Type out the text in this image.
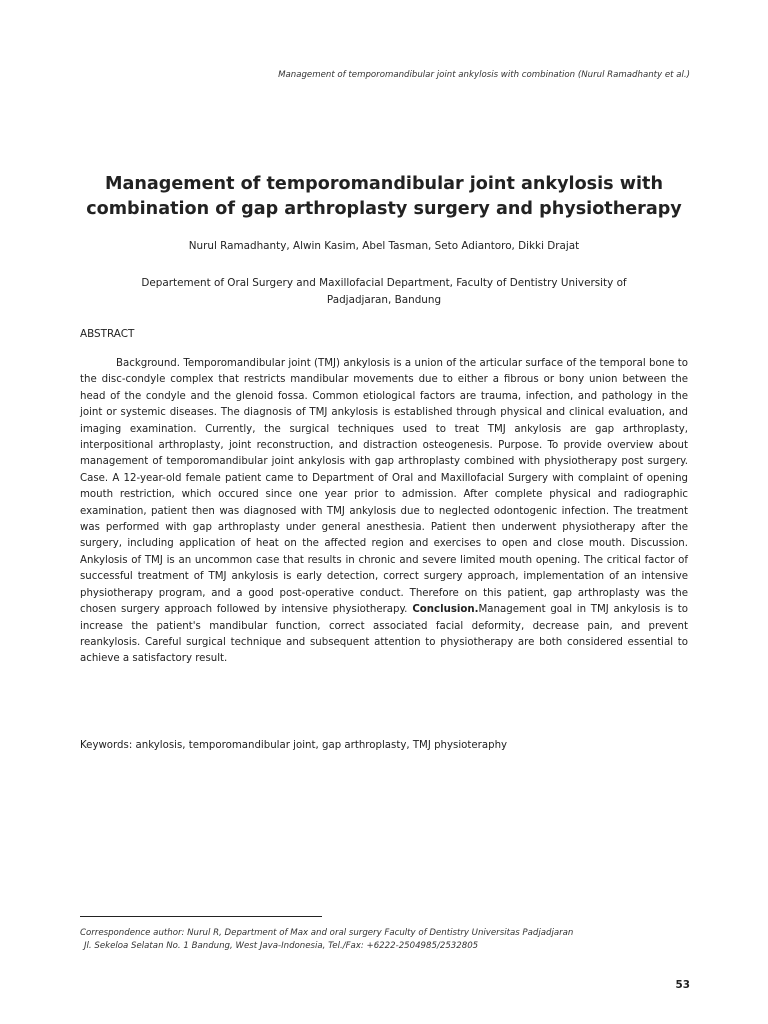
Management of temporomandibular joint ankylosis with combination (Nurul Ramadhanty et al.)
Management of temporomandibular joint ankylosis with
combination of gap arthroplasty surgery and physiotherapy
Nurul Ramadhanty, Alwin Kasim, Abel Tasman, Seto Adiantoro, Dikki Drajat
Departement of Oral Surgery and Maxillofacial Department, Faculty of Dentistry University of
Padjadjaran, Bandung
ABSTRACT

Background. Temporomandibular joint (TMJ) ankylosis is a union of the articular surface of the temporal bone to the disc-condyle complex that restricts mandibular movements due to either a fibrous or bony union between the head of the condyle and the glenoid fossa. Common etiological factors are trauma, infection, and pathology in the joint or systemic diseases. The diagnosis of TMJ ankylosis is established through physical and clinical evaluation, and imaging examination. Currently, the surgical techniques used to treat TMJ ankylosis are gap arthroplasty, interpositional arthroplasty, joint reconstruction, and distraction osteogenesis. Purpose. To provide overview about management of temporomandibular joint ankylosis with gap arthroplasty combined with physiotherapy post surgery. Case. A 12-year-old female patient came to Department of Oral and Maxillofacial Surgery with complaint of opening mouth restriction, which occured since one year prior to admission. After complete physical and radiographic examination, patient then was diagnosed with TMJ ankylosis due to neglected odontogenic infection. The treatment was performed with gap arthroplasty under general anesthesia. Patient then underwent physiotherapy after the surgery, including application of heat on the affected region and exercises to open and close mouth. Discussion. Ankylosis of TMJ is an uncommon case that results in chronic and severe limited mouth opening. The critical factor of successful treatment of TMJ ankylosis is early detection, correct surgery approach, implementation of an intensive physiotherapy program, and a good post-operative conduct. Therefore on this patient, gap arthroplasty was the chosen surgery approach followed by intensive physiotherapy. Conclusion.Management goal in TMJ ankylosis is to increase the patient's mandibular function, correct associated facial deformity, decrease pain, and prevent reankylosis. Careful surgical technique and subsequent attention to physiotherapy are both considered essential to achieve a satisfactory result.

Keywords: ankylosis, temporomandibular joint, gap arthroplasty, TMJ physioteraphy
Correspondence author: Nurul R, Department of Max and oral surgery Faculty of Dentistry Universitas Padjadjaran
Jl. Sekeloa Selatan No. 1 Bandung, West Java-Indonesia, Tel./Fax: +6222-2504985/2532805
53
